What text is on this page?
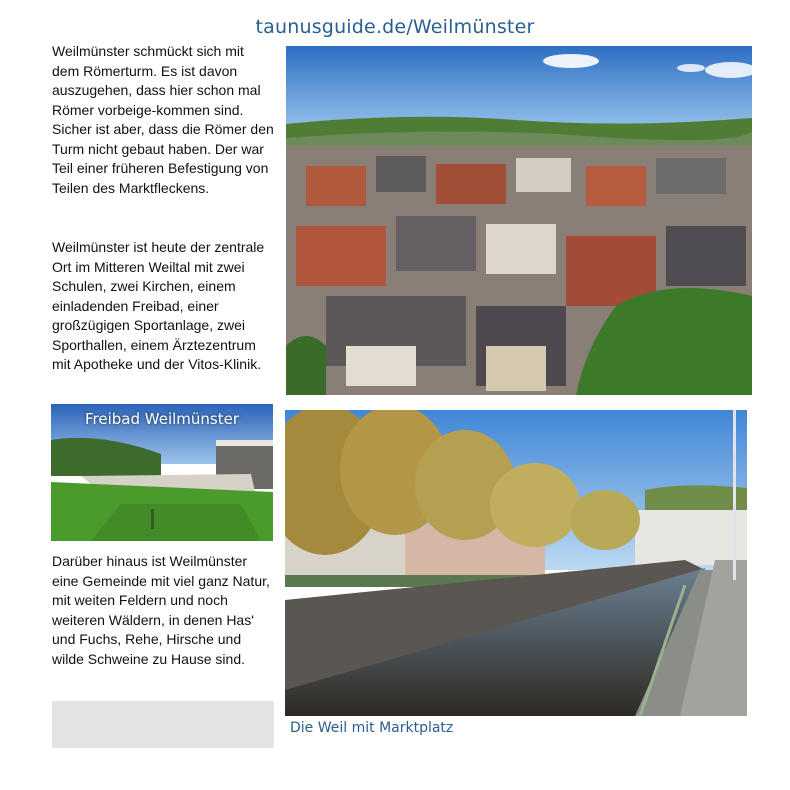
taunusguide.de/Weilmünster

Weilmünster schmückt sich mit dem Römerturm. Es ist davon auszugehen, dass hier schon mal Römer vorbeige-kommen sind. Sicher ist aber, dass die Römer den Turm nicht gebaut haben. Der war Teil einer früheren Befestigung von Teilen des Marktfleckens.

Weilmünster ist heute der zentrale Ort im Mitteren Weiltal mit zwei Schulen, zwei Kirchen, einem einladenden Freibad, einer großzügigen Sportanlage, zwei Sporthallen, einem Ärztezentrum mit Apotheke und der Vitos-Klinik.

Darüber hinaus ist Weilmünster eine Gemeinde mit viel ganz Natur, mit weiten Feldern und noch weiteren Wäldern, in denen Has' und Fuchs, Rehe, Hirsche und wilde Schweine zu Hause sind.

Freibad Weilmünster
Die Weil mit Marktplatz
